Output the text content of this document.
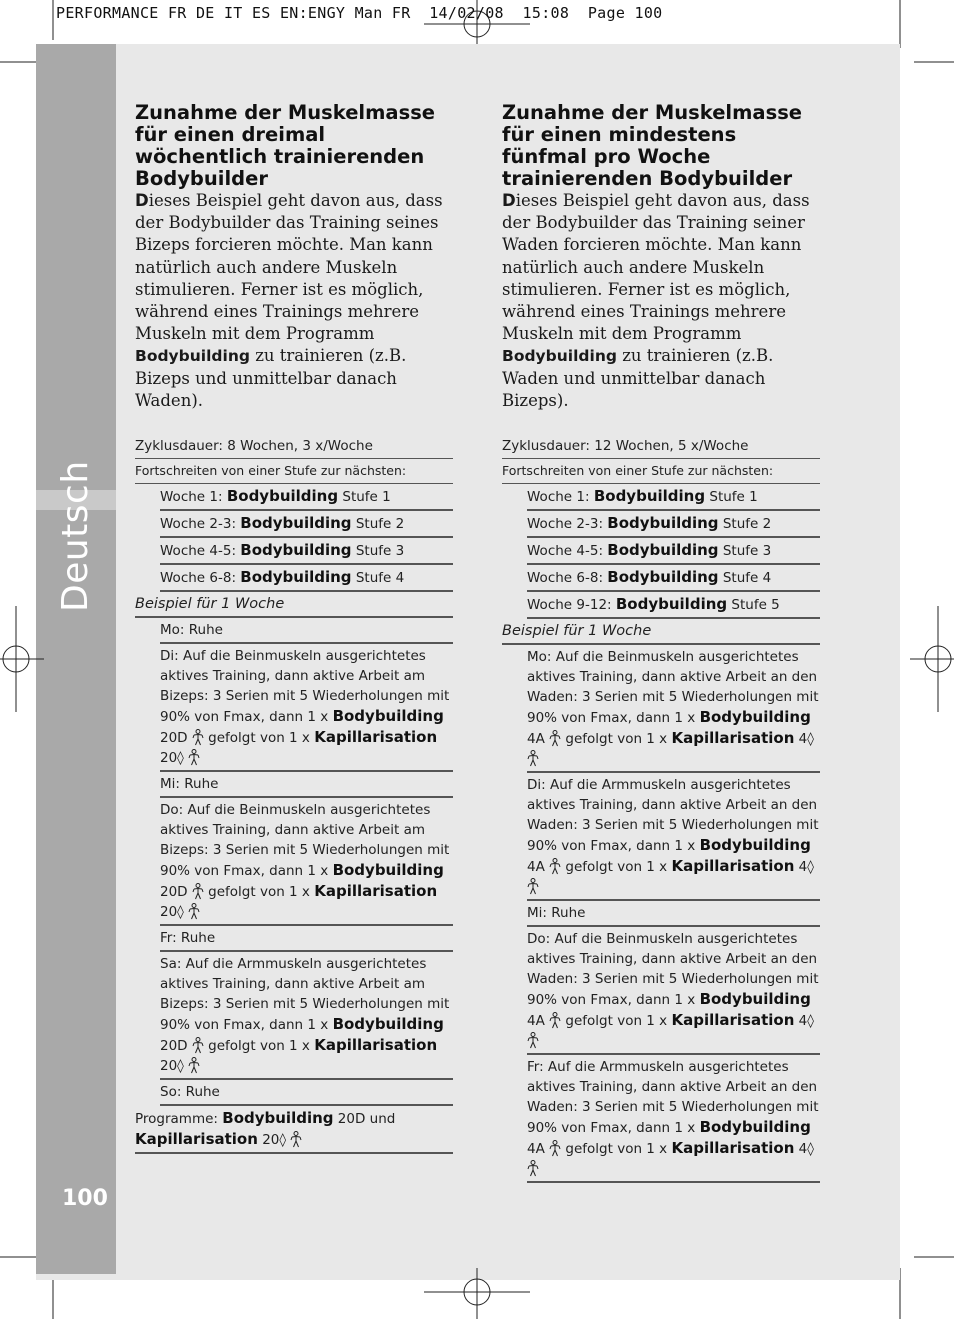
Deutsch
100
PERFORMANCE FR DE IT ES EN:ENGY Man FR  14/02/08  15:08  Page 100
Zunahme der Muskelmasse für einen dreimal wöchentlich trainierenden Bodybuilder

Dieses Beispiel geht davon aus, dass der Bodybuilder das Training seines Bizeps forcieren möchte. Man kann natürlich auch andere Muskeln stimulieren. Ferner ist es möglich, während eines Trainings mehrere Muskeln mit dem Programm Bodybuilding zu trainieren (z.B. Bizeps und unmittelbar danach Waden).

Zyklusdauer: 8 Wochen, 3 x/Woche
Fortschreiten von einer Stufe zur nächsten:
Woche 1: Bodybuilding Stufe 1
Woche 2-3: Bodybuilding Stufe 2
Woche 4-5: Bodybuilding Stufe 3
Woche 6-8: Bodybuilding Stufe 4
Beispiel für 1 Woche
Mo: Ruhe
Di: Auf die Beinmuskeln ausgerichtetes aktives Training, dann aktive Arbeit am Bizeps: 3 Serien mit 5 Wiederholungen mit 90% von Fmax, dann 1 x Bodybuilding 20D  gefolgt von 1 x Kapillarisation 20◊
Mi: Ruhe
Do: Auf die Beinmuskeln ausgerichtetes aktives Training, dann aktive Arbeit am Bizeps: 3 Serien mit 5 Wiederholungen mit 90% von Fmax, dann 1 x Bodybuilding 20D  gefolgt von 1 x Kapillarisation 20◊
Fr: Ruhe
Sa: Auf die Armmuskeln ausgerichtetes aktives Training, dann aktive Arbeit am Bizeps: 3 Serien mit 5 Wiederholungen mit 90% von Fmax, dann 1 x Bodybuilding 20D  gefolgt von 1 x Kapillarisation 20◊
So: Ruhe
Programme: Bodybuilding 20D und Kapillarisation 20◊
Zunahme der Muskelmasse für einen mindestens fünfmal pro Woche trainierenden Bodybuilder

Dieses Beispiel geht davon aus, dass der Bodybuilder das Training seiner Waden forcieren möchte. Man kann natürlich auch andere Muskeln stimulieren. Ferner ist es möglich, während eines Trainings mehrere Muskeln mit dem Programm Bodybuilding zu trainieren (z.B. Waden und unmittelbar danach Bizeps).

Zyklusdauer: 12 Wochen, 5 x/Woche
Fortschreiten von einer Stufe zur nächsten:
Woche 1: Bodybuilding Stufe 1
Woche 2-3: Bodybuilding Stufe 2
Woche 4-5: Bodybuilding Stufe 3
Woche 6-8: Bodybuilding Stufe 4
Woche 9-12: Bodybuilding Stufe 5
Beispiel für 1 Woche
Mo: Auf die Beinmuskeln ausgerichtetes aktives Training, dann aktive Arbeit an den Waden: 3 Serien mit 5 Wiederholungen mit 90% von Fmax, dann 1 x Bodybuilding 4A  gefolgt von 1 x Kapillarisation 4◊
Di: Auf die Armmuskeln ausgerichtetes aktives Training, dann aktive Arbeit an den Waden: 3 Serien mit 5 Wiederholungen mit 90% von Fmax, dann 1 x Bodybuilding 4A  gefolgt von 1 x Kapillarisation 4◊
Mi: Ruhe
Do: Auf die Beinmuskeln ausgerichtetes aktives Training, dann aktive Arbeit an den Waden: 3 Serien mit 5 Wiederholungen mit 90% von Fmax, dann 1 x Bodybuilding 4A  gefolgt von 1 x Kapillarisation 4◊
Fr: Auf die Armmuskeln ausgerichtetes aktives Training, dann aktive Arbeit an den Waden: 3 Serien mit 5 Wiederholungen mit 90% von Fmax, dann 1 x Bodybuilding 4A  gefolgt von 1 x Kapillarisation 4◊
